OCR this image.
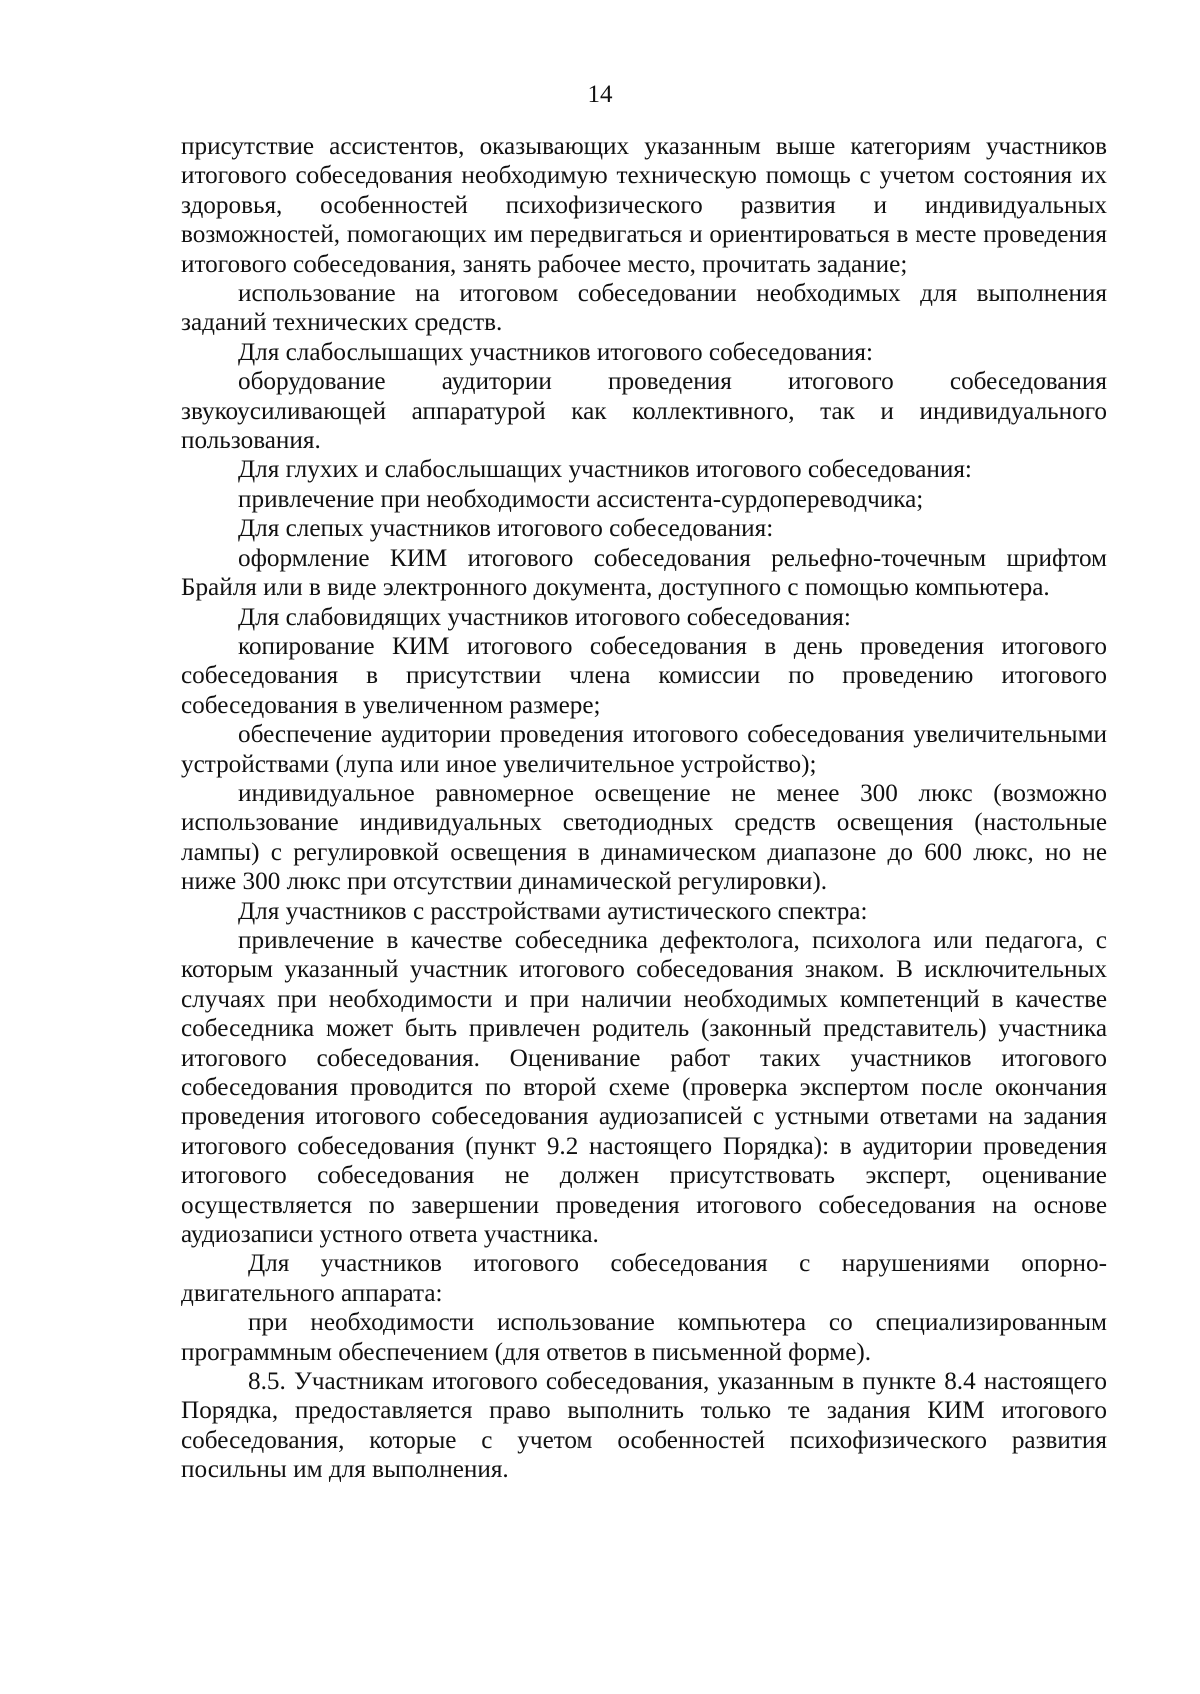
14

присутствие ассистентов, оказывающих указанным выше категориям участников итогового собеседования необходимую техническую помощь с учетом состояния их здоровья, особенностей психофизического развития и индивидуальных возможностей, помогающих им передвигаться и ориентироваться в месте проведения итогового собеседования, занять рабочее место, прочитать задание;

использование на итоговом собеседовании необходимых для выполнения заданий технических средств.

Для слабослышащих участников итогового собеседования:

оборудование аудитории проведения итогового собеседования звукоусиливающей аппаратурой как коллективного, так и индивидуального пользования.

Для глухих и слабослышащих участников итогового собеседования:

привлечение при необходимости ассистента-сурдопереводчика;

Для слепых участников итогового собеседования:

оформление КИМ итогового собеседования рельефно-точечным шрифтом Брайля или в виде электронного документа, доступного с помощью компьютера.

Для слабовидящих участников итогового собеседования:

копирование КИМ итогового собеседования в день проведения итогового собеседования в присутствии члена комиссии по проведению итогового собеседования в увеличенном размере;

обеспечение аудитории проведения итогового собеседования увеличительными устройствами (лупа или иное увеличительное устройство);

индивидуальное равномерное освещение не менее 300 люкс (возможно использование индивидуальных светодиодных средств освещения (настольные лампы) с регулировкой освещения в динамическом диапазоне до 600 люкс, но не ниже 300 люкс при отсутствии динамической регулировки).

Для участников с расстройствами аутистического спектра:

привлечение в качестве собеседника дефектолога, психолога или педагога, с которым указанный участник итогового собеседования знаком. В исключительных случаях при необходимости и при наличии необходимых компетенций в качестве собеседника может быть привлечен родитель (законный представитель) участника итогового собеседования. Оценивание работ таких участников итогового собеседования проводится по второй схеме (проверка экспертом после окончания проведения итогового собеседования аудиозаписей с устными ответами на задания итогового собеседования (пункт 9.2 настоящего Порядка): в аудитории проведения итогового собеседования не должен присутствовать эксперт, оценивание осуществляется по завершении проведения итогового собеседования на основе аудиозаписи устного ответа участника.

Для участников итогового собеседования с нарушениями опорно-двигательного аппарата:

при необходимости использование компьютера со специализированным программным обеспечением (для ответов в письменной форме).

8.5. Участникам итогового собеседования, указанным в пункте 8.4 настоящего Порядка, предоставляется право выполнить только те задания КИМ итогового собеседования, которые с учетом особенностей психофизического развития посильны им для выполнения.
